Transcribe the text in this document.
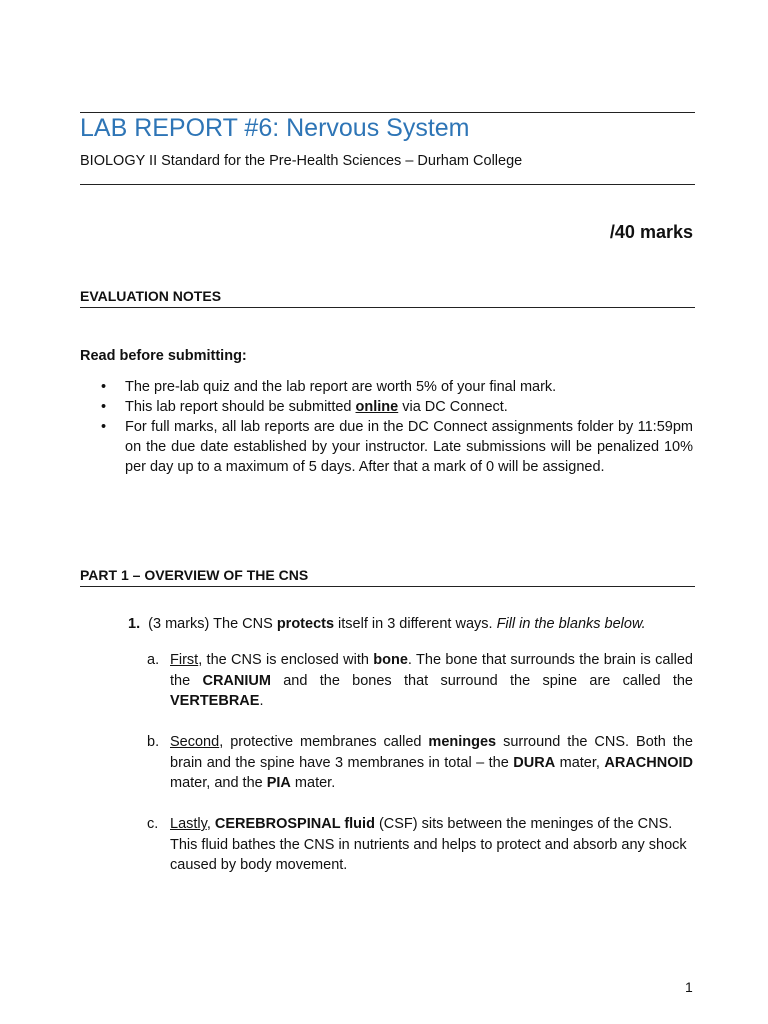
LAB REPORT #6: Nervous System
BIOLOGY II Standard for the Pre-Health Sciences – Durham College
/40 marks
EVALUATION NOTES
Read before submitting:
• The pre-lab quiz and the lab report are worth 5% of your final mark.
• This lab report should be submitted online via DC Connect.
• For full marks, all lab reports are due in the DC Connect assignments folder by 11:59pm on the due date established by your instructor. Late submissions will be penalized 10% per day up to a maximum of 5 days. After that a mark of 0 will be assigned.
PART 1 – OVERVIEW OF THE CNS
1. (3 marks) The CNS protects itself in 3 different ways. Fill in the blanks below.
a. First, the CNS is enclosed with bone. The bone that surrounds the brain is called the CRANIUM and the bones that surround the spine are called the VERTEBRAE.
b. Second, protective membranes called meninges surround the CNS. Both the brain and the spine have 3 membranes in total – the DURA mater, ARACHNOID mater, and the PIA mater.
c. Lastly, CEREBROSPINAL fluid (CSF) sits between the meninges of the CNS. This fluid bathes the CNS in nutrients and helps to protect and absorb any shock caused by body movement.
1
